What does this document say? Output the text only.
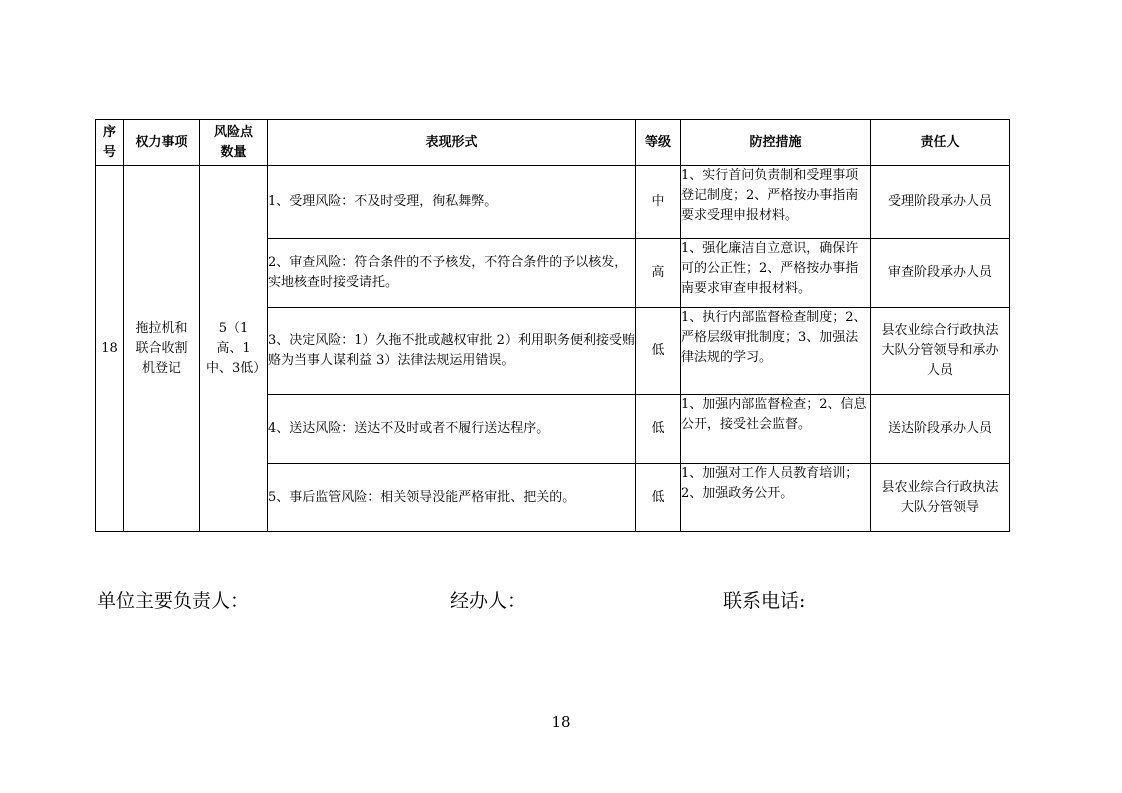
序号	权力事项	风险点数量	表现形式	等级	防控措施	责任人
18	拖拉机和联合收割机登记	5（1高、1中、3低）	1、受理风险：不及时受理，徇私舞弊。	中	1、实行首问负责制和受理事项登记制度；2、严格按办事指南要求受理申报材料。	受理阶段承办人员
			2、审查风险：符合条件的不予核发，不符合条件的予以核发，实地核查时接受请托。	高	1、强化廉洁自立意识，确保许可的公正性；2、严格按办事指南要求审查申报材料。	审查阶段承办人员
			3、决定风险：1）久拖不批或越权审批 2）利用职务便利接受贿赂为当事人谋利益 3）法律法规运用错误。	低	1、执行内部监督检查制度；2、严格层级审批制度；3、加强法律法规的学习。	县农业综合行政执法大队分管领导和承办人员
			4、送达风险：送达不及时或者不履行送达程序。	低	1、加强内部监督检查；2、信息公开，接受社会监督。	送达阶段承办人员
			5、事后监管风险：相关领导没能严格审批、把关的。	低	1、加强对工作人员教育培训；2、加强政务公开。	县农业综合行政执法大队分管领导
单位主要负责人：	经办人：	联系电话:
18
